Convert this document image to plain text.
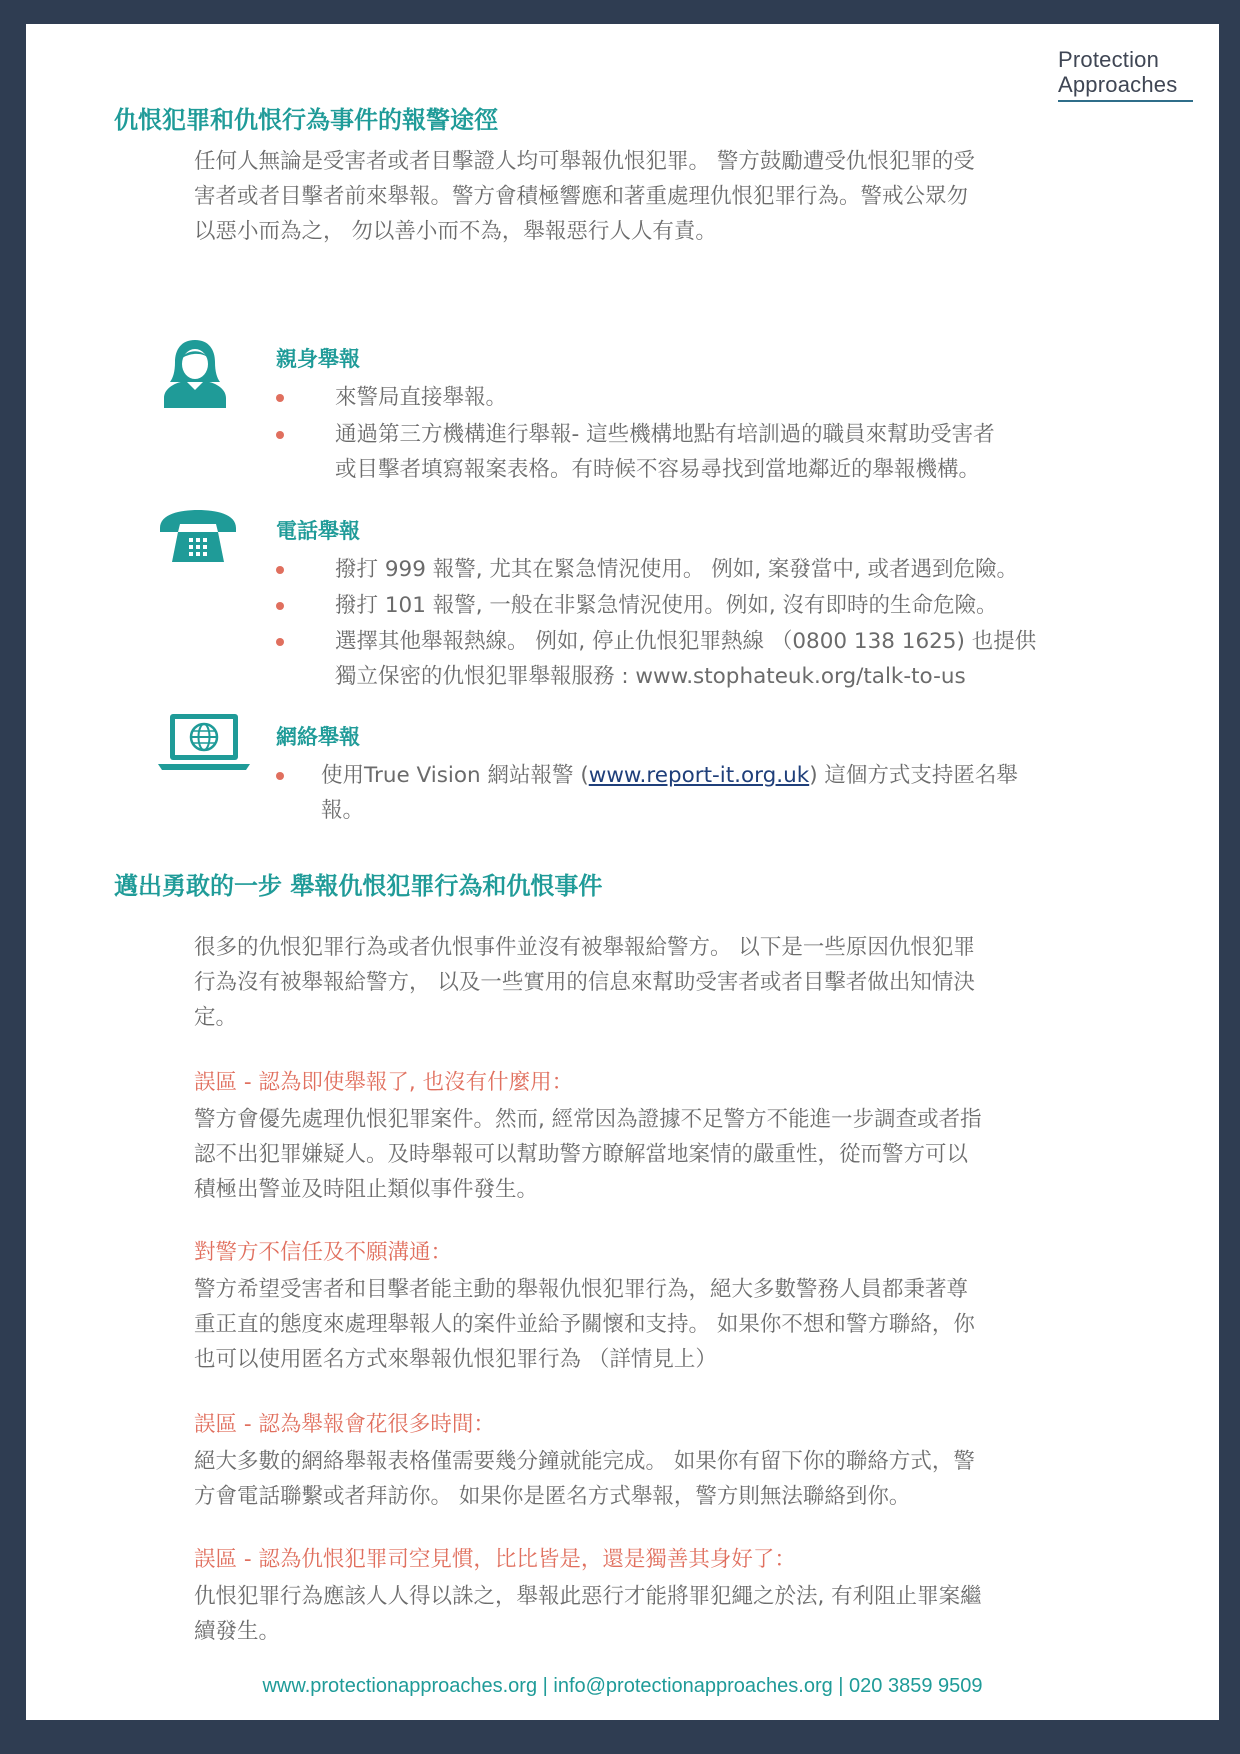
Protection
Approaches
仇恨犯罪和仇恨行為事件的報警途徑
任何人無論是受害者或者目擊證人均可舉報仇恨犯罪。 警方鼓勵遭受仇恨犯罪的受
害者或者目擊者前來舉報。警方會積極響應和著重處理仇恨犯罪行為。警戒公眾勿
以惡小而為之， 勿以善小而不為，舉報惡行人人有責。
親身舉報
來警局直接舉報。
通過第三方機構進行舉報- 這些機構地點有培訓過的職員來幫助受害者
或目擊者填寫報案表格。有時候不容易尋找到當地鄰近的舉報機構。
電話舉報
撥打 999 報警, 尤其在緊急情況使用。 例如, 案發當中, 或者遇到危險。
撥打 101 報警, 一般在非緊急情況使用。例如, 沒有即時的生命危險。
選擇其他舉報熱線。 例如, 停止仇恨犯罪熱線 （0800 138 1625) 也提供
獨立保密的仇恨犯罪舉報服務 : www.stophateuk.org/talk-to-us
網絡舉報
使用True Vision 網站報警 (www.report-it.org.uk) 這個方式支持匿名舉
報。
邁出勇敢的一步 舉報仇恨犯罪行為和仇恨事件
很多的仇恨犯罪行為或者仇恨事件並沒有被舉報給警方。 以下是一些原因仇恨犯罪
行為沒有被舉報給警方， 以及一些實用的信息來幫助受害者或者目擊者做出知情決
定。
誤區 - 認為即使舉報了, 也沒有什麼用：
警方會優先處理仇恨犯罪案件。然而, 經常因為證據不足警方不能進一步調查或者指
認不出犯罪嫌疑人。及時舉報可以幫助警方瞭解當地案情的嚴重性，從而警方可以
積極出警並及時阻止類似事件發生。
對警方不信任及不願溝通：
警方希望受害者和目擊者能主動的舉報仇恨犯罪行為，絕大多數警務人員都秉著尊
重正直的態度來處理舉報人的案件並給予關懷和支持。 如果你不想和警方聯絡，你
也可以使用匿名方式來舉報仇恨犯罪行為 （詳情見上）
誤區 - 認為舉報會花很多時間：
絕大多數的網絡舉報表格僅需要幾分鐘就能完成。 如果你有留下你的聯絡方式，警
方會電話聯繫或者拜訪你。 如果你是匿名方式舉報，警方則無法聯絡到你。
誤區 - 認為仇恨犯罪司空見慣，比比皆是，還是獨善其身好了：
仇恨犯罪行為應該人人得以誅之，舉報此惡行才能將罪犯繩之於法, 有利阻止罪案繼
續發生。
www.protectionapproaches.org | info@protectionapproaches.org | 020 3859 9509
